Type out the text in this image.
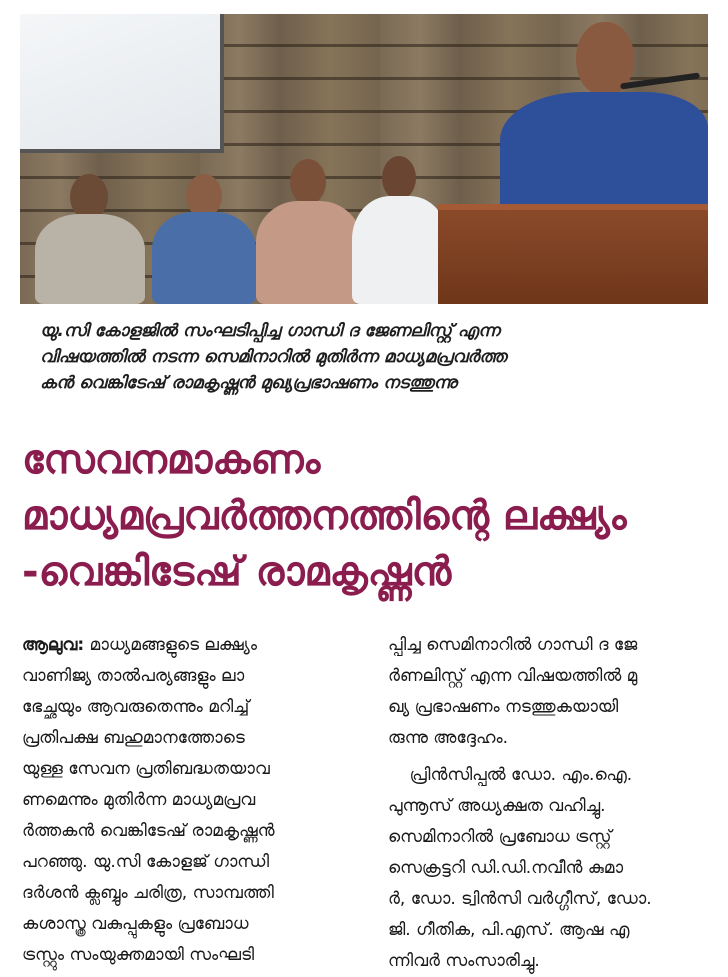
യു.സി കോളജിൽ സംഘടിപ്പിച്ച ഗാന്ധി ദ ജേണലിസ്റ്റ് എന്ന
വിഷയത്തിൽ നടന്ന സെമിനാറിൽ മുതിർന്ന മാധ്യമപ്രവർത്ത
കൻ വെങ്കിടേഷ് രാമകൃഷ്ണൻ മുഖ്യപ്രഭാഷണം നടത്തുന്നു

സേവനമാകണം
മാധ്യമപ്രവർത്തനത്തിന്റെ ലക്ഷ്യം
-വെങ്കിടേഷ് രാമകൃഷ്ണൻ
ആലുവ: മാധ്യമങ്ങളുടെ ലക്ഷ്യം
വാണിജ്യ താൽപര്യങ്ങളും ലാ
ഭേച്ഛയും ആവരുതെന്നും മറിച്ച്
പ്രതിപക്ഷ ബഹുമാനത്തോടെ
യുള്ള സേവന പ്രതിബദ്ധതയാവ
ണമെന്നും മുതിർന്ന മാധ്യമപ്രവ
ർത്തകൻ വെങ്കിടേഷ് രാമകൃഷ്ണൻ
പറഞ്ഞു. യു.സി കോളജ് ഗാന്ധി
ദർശൻ ക്ലബ്ബും ചരിത്ര, സാമ്പത്തി
കശാസ്ത്ര വകുപ്പുകളും പ്രബോധ
ട്രസ്റ്റും സംയുക്തമായി സംഘടി
പ്പിച്ച സെമിനാറിൽ ഗാന്ധി ദ ജേ
ർണലിസ്റ്റ് എന്ന വിഷയത്തിൽ മു
ഖ്യ പ്രഭാഷണം നടത്തുകയായി
രുന്നു അദ്ദേഹം.
പ്രിൻസിപ്പൽ ഡോ. എം.ഐ.
പുന്നൂസ് അധ്യക്ഷത വഹിച്ചു.
സെമിനാറിൽ പ്രബോധ ട്രസ്റ്റ്
സെക്രട്ടറി ഡി.ഡി.നവീൻ കുമാ
ർ, ഡോ. ട്വിൻസി വർഗ്ഗീസ്, ഡോ.
ജി. ഗീതിക, പി.എസ്. ആഷ എ
ന്നിവർ സംസാരിച്ചു.
